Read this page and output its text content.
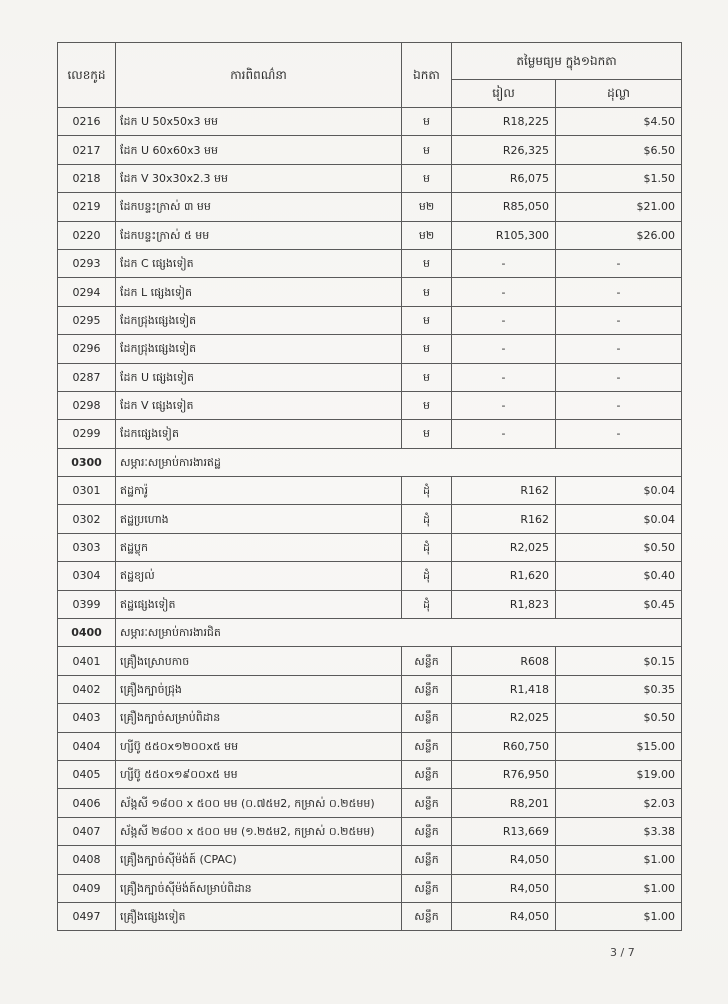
លេខកូដ	ការពិពណ៌នា	ឯកតា	តម្លៃមធ្យម ក្នុង១ឯកតា	
			រៀល	ដុល្លា
0216	ដែក U 50x50x3 មម	ម	R18,225	$4.50
0217	ដែក U 60x60x3 មម	ម	R26,325	$6.50
0218	ដែក V 30x30x2.3 មម	ម	R6,075	$1.50
0219	ដែកបន្ទះក្រាស់ ៣ មម	ម២	R85,050	$21.00
0220	ដែកបន្ទះក្រាស់ ៥ មម	ម២	R105,300	$26.00
0293	ដែក C ផ្សេងទៀត	ម	-	-
0294	ដែក L ផ្សេងទៀត	ម	-	-
0295	ដែកជ្រុងផ្សេងទៀត	ម	-	-
0296	ដែកជ្រុងផ្សេងទៀត	ម	-	-
0287	ដែក U ផ្សេងទៀត	ម	-	-
0298	ដែក V ផ្សេងទៀត	ម	-	-
0299	ដែកផ្សេងទៀត	ម	-	-
0300	សម្ភារៈសម្រាប់ការងារឥដ្ឋ			
0301	ឥដ្ឋការ៉ូ	ដុំ	R162	$0.04
0302	ឥដ្ឋប្រហោង	ដុំ	R162	$0.04
0303	ឥដ្ឋប្លុក	ដុំ	R2,025	$0.50
0304	ឥដ្ឋខ្យល់	ដុំ	R1,620	$0.40
0399	ឥដ្ឋផ្សេងទៀត	ដុំ	R1,823	$0.45
0400	សម្ភារៈសម្រាប់ការងារជិត			
0401	គ្រឿងស្រោបកាច	សន្លឹក	R608	$0.15
0402	គ្រឿងក្បាច់ជ្រុង	សន្លឹក	R1,418	$0.35
0403	គ្រឿងក្បាច់សម្រាប់ពិដាន	សន្លឹក	R2,025	$0.50
0404	ហ្សីប៊ូ ៥៥០x១២០០x៥ មម	សន្លឹក	R60,750	$15.00
0405	ហ្សីប៊ូ ៥៥០x១៩០០x៥ មម	សន្លឹក	R76,950	$19.00
0406	ស័ង្កសី ១៨០០ x ៥០០ មម (០.៧៥ម2, កម្រាស់ ០.២៥មម)	សន្លឹក	R8,201	$2.03
0407	ស័ង្កសី ២៨០០ x ៥០០ មម (១.២៥ម2, កម្រាស់ ០.២៥មម)	សន្លឹក	R13,669	$3.38
0408	គ្រឿងក្បាច់ស៊ីម៉ង់ត៍ (CPAC)	សន្លឹក	R4,050	$1.00
0409	គ្រឿងក្បាច់ស៊ីម៉ង់ត៍សម្រាប់ពិដាន	សន្លឹក	R4,050	$1.00
0497	គ្រឿងផ្សេងទៀត	សន្លឹក	R4,050	$1.00
3 / 7
